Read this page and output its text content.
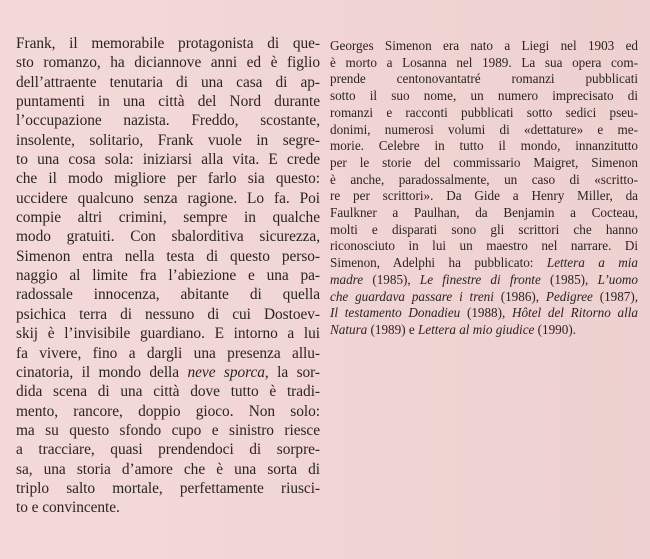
Frank, il memorabile protagonista di que-
sto romanzo, ha diciannove anni ed è figlio
dell’attraente tenutaria di una casa di ap-
puntamenti in una città del Nord durante
l’occupazione nazista. Freddo, scostante,
insolente, solitario, Frank vuole in segre-
to una cosa sola: iniziarsi alla vita. E crede
che il modo migliore per farlo sia questo:
uccidere qualcuno senza ragione. Lo fa. Poi
compie altri crimini, sempre in qualche
modo gratuiti. Con sbalorditiva sicurezza,
Simenon entra nella testa di questo perso-
naggio al limite fra l’abiezione e una pa-
radossale innocenza, abitante di quella
psichica terra di nessuno di cui Dostoev-
skij è l’invisibile guardiano. E intorno a lui
fa vivere, fino a dargli una presenza allu-
cinatoria, il mondo della neve sporca, la sor-
dida scena di una città dove tutto è tradi-
mento, rancore, doppio gioco. Non solo:
ma su questo sfondo cupo e sinistro riesce
a tracciare, quasi prendendoci di sorpre-
sa, una storia d’amore che è una sorta di
triplo salto mortale, perfettamente riusci-
to e convincente.
Georges Simenon era nato a Liegi nel 1903 ed
è morto a Losanna nel 1989. La sua opera com-
prende centonovantatré romanzi pubblicati
sotto il suo nome, un numero imprecisato di
romanzi e racconti pubblicati sotto sedici pseu-
donimi, numerosi volumi di «dettature» e me-
morie. Celebre in tutto il mondo, innanzitutto
per le storie del commissario Maigret, Simenon
è anche, paradossalmente, un caso di «scritto-
re per scrittori». Da Gide a Henry Miller, da
Faulkner a Paulhan, da Benjamin a Cocteau,
molti e disparati sono gli scrittori che hanno
riconosciuto in lui un maestro nel narrare. Di
Simenon, Adelphi ha pubblicato: Lettera a mia
madre (1985), Le finestre di fronte (1985), L’uomo
che guardava passare i treni (1986), Pedigree (1987),
Il testamento Donadieu (1988), Hôtel del Ritorno alla
Natura (1989) e Lettera al mio giudice (1990).
